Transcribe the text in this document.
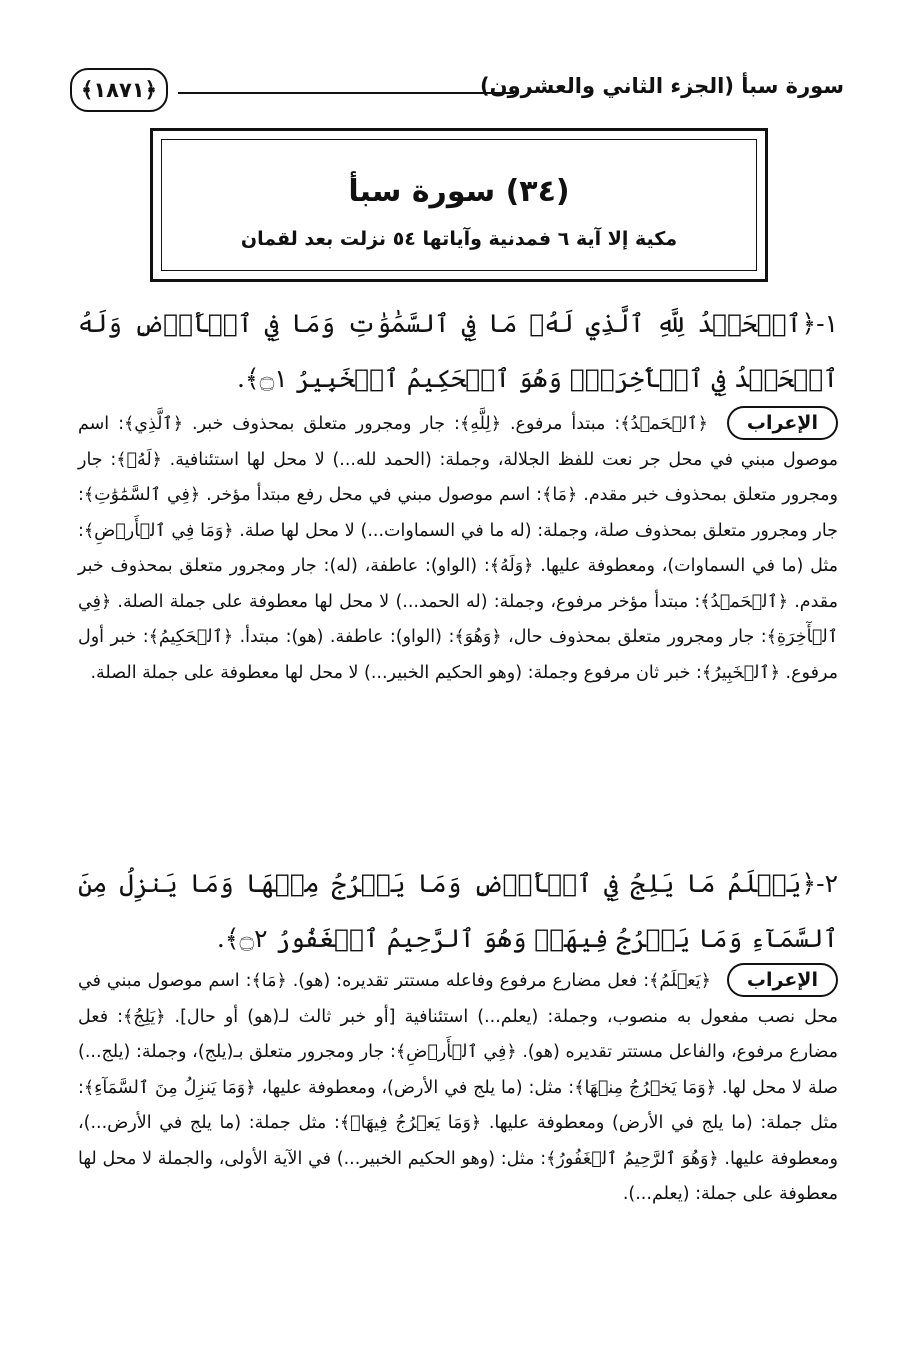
سورة سبأ (الجزء الثاني والعشرون)
﴿١٨٧١﴾
(٣٤) سورة سبأ
مكية إلا آية ٦ فمدنية وآياتها ٥٤ نزلت بعد لقمان
١-﴿ٱلۡحَمۡدُ لِلَّهِ ٱلَّذِي لَهُۥ مَا فِي ٱلسَّمَٰوَٰتِ وَمَا فِي ٱلۡأَرۡضِ وَلَهُ ٱلۡحَمۡدُ فِي ٱلۡأٓخِرَةِۚ وَهُوَ ٱلۡحَكِيمُ ٱلۡخَبِيرُ ۝١﴾.
الإعراب ﴿ٱلۡحَمۡدُ﴾: مبتدأ مرفوع. ﴿لِلَّهِ﴾: جار ومجرور متعلق بمحذوف خبر. ﴿ٱلَّذِي﴾: اسم موصول مبني في محل جر نعت للفظ الجلالة، وجملة: (الحمد لله...) لا محل لها استئنافية. ﴿لَهُۥ﴾: جار ومجرور متعلق بمحذوف خبر مقدم. ﴿مَا﴾: اسم موصول مبني في محل رفع مبتدأ مؤخر. ﴿فِي ٱلسَّمَٰوَٰتِ﴾: جار ومجرور متعلق بمحذوف صلة، وجملة: (له ما في السماوات...) لا محل لها صلة. ﴿وَمَا فِي ٱلۡأَرۡضِ﴾: مثل (ما في السماوات)، ومعطوفة عليها. ﴿وَلَهُ﴾: (الواو): عاطفة، (له): جار ومجرور متعلق بمحذوف خبر مقدم. ﴿ٱلۡحَمۡدُ﴾: مبتدأ مؤخر مرفوع، وجملة: (له الحمد...) لا محل لها معطوفة على جملة الصلة. ﴿فِي ٱلۡأٓخِرَةِ﴾: جار ومجرور متعلق بمحذوف حال، ﴿وَهُوَ﴾: (الواو): عاطفة. (هو): مبتدأ. ﴿ٱلۡحَكِيمُ﴾: خبر أول مرفوع. ﴿ٱلۡخَبِيرُ﴾: خبر ثان مرفوع وجملة: (وهو الحكيم الخبير...) لا محل لها معطوفة على جملة الصلة.
٢-﴿يَعۡلَمُ مَا يَلِجُ فِي ٱلۡأَرۡضِ وَمَا يَخۡرُجُ مِنۡهَا وَمَا يَنزِلُ مِنَ ٱلسَّمَآءِ وَمَا يَعۡرُجُ فِيهَاۚ وَهُوَ ٱلرَّحِيمُ ٱلۡغَفُورُ ۝٢﴾.
الإعراب ﴿يَعۡلَمُ﴾: فعل مضارع مرفوع وفاعله مستتر تقديره: (هو). ﴿مَا﴾: اسم موصول مبني في محل نصب مفعول به منصوب، وجملة: (يعلم...) استئنافية [أو خبر ثالث لـ(هو) أو حال]. ﴿يَلِجُ﴾: فعل مضارع مرفوع، والفاعل مستتر تقديره (هو). ﴿فِي ٱلۡأَرۡضِ﴾: جار ومجرور متعلق بـ(يلج)، وجملة: (يلج...) صلة لا محل لها. ﴿وَمَا يَخۡرُجُ مِنۡهَا﴾: مثل: (ما يلج في الأرض)، ومعطوفة عليها، ﴿وَمَا يَنزِلُ مِنَ ٱلسَّمَآءِ﴾: مثل جملة: (ما يلج في الأرض) ومعطوفة عليها. ﴿وَمَا يَعۡرُجُ فِيهَاۚ﴾: مثل جملة: (ما يلج في الأرض...)، ومعطوفة عليها. ﴿وَهُوَ ٱلرَّحِيمُ ٱلۡغَفُورُ﴾: مثل: (وهو الحكيم الخبير...) في الآية الأولى، والجملة لا محل لها معطوفة على جملة: (يعلم...).
